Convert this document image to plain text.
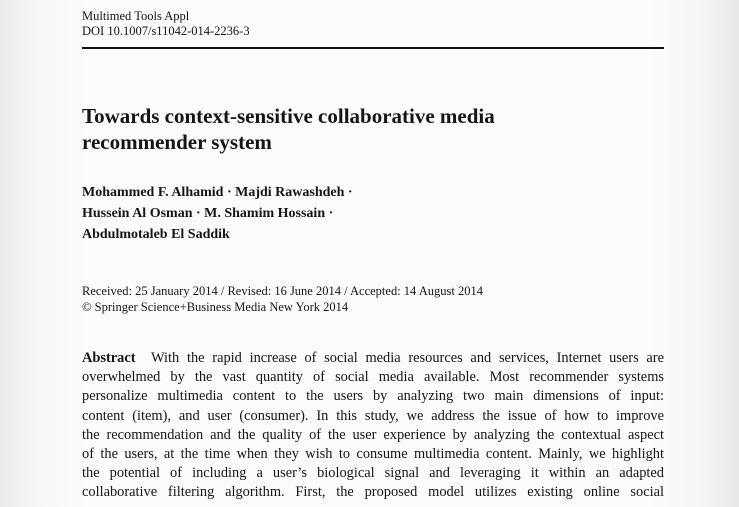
Multimed Tools Appl
DOI 10.1007/s11042-014-2236-3
Towards context-sensitive collaborative media
recommender system

Mohammed F. Alhamid · Majdi Rawashdeh ·
Hussein Al Osman · M. Shamim Hossain ·
Abdulmotaleb El Saddik

Received: 25 January 2014 / Revised: 16 June 2014 / Accepted: 14 August 2014
© Springer Science+Business Media New York 2014
Abstract With the rapid increase of social media resources and services, Internet users are
overwhelmed by the vast quantity of social media available. Most recommender systems
personalize multimedia content to the users by analyzing two main dimensions of input:
content (item), and user (consumer). In this study, we address the issue of how to improve
the recommendation and the quality of the user experience by analyzing the contextual aspect
of the users, at the time when they wish to consume multimedia content. Mainly, we highlight
the potential of including a user’s biological signal and leveraging it within an adapted
collaborative filtering algorithm. First, the proposed model utilizes existing online social
